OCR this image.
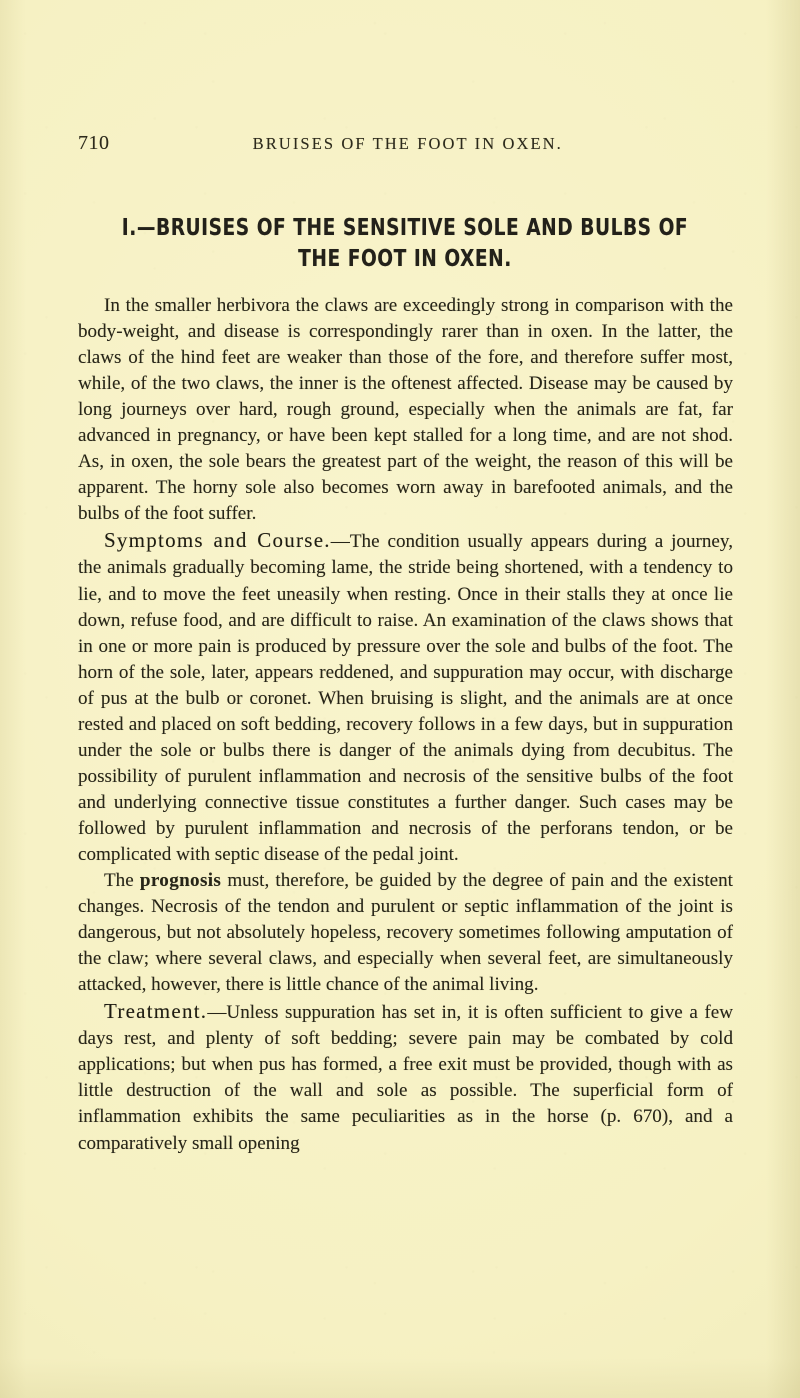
710	BRUISES OF THE FOOT IN OXEN.
I.—BRUISES OF THE SENSITIVE SOLE AND BULBS OF
THE FOOT IN OXEN.

In the smaller herbivora the claws are exceedingly strong in comparison with the body-weight, and disease is correspondingly rarer than in oxen. In the latter, the claws of the hind feet are weaker than those of the fore, and therefore suffer most, while, of the two claws, the inner is the oftenest affected. Disease may be caused by long journeys over hard, rough ground, especially when the animals are fat, far advanced in pregnancy, or have been kept stalled for a long time, and are not shod. As, in oxen, the sole bears the greatest part of the weight, the reason of this will be apparent. The horny sole also becomes worn away in barefooted animals, and the bulbs of the foot suffer.

Symptoms and Course.—The condition usually appears during a journey, the animals gradually becoming lame, the stride being shortened, with a tendency to lie, and to move the feet uneasily when resting. Once in their stalls they at once lie down, refuse food, and are difficult to raise. An examination of the claws shows that in one or more pain is produced by pressure over the sole and bulbs of the foot. The horn of the sole, later, appears reddened, and suppuration may occur, with discharge of pus at the bulb or coronet. When bruising is slight, and the animals are at once rested and placed on soft bedding, recovery follows in a few days, but in suppuration under the sole or bulbs there is danger of the animals dying from decubitus. The possibility of purulent inflammation and necrosis of the sensitive bulbs of the foot and underlying connective tissue constitutes a further danger. Such cases may be followed by purulent inflammation and necrosis of the perforans tendon, or be complicated with septic disease of the pedal joint.

The prognosis must, therefore, be guided by the degree of pain and the existent changes. Necrosis of the tendon and purulent or septic inflammation of the joint is dangerous, but not absolutely hopeless, recovery sometimes following amputation of the claw; where several claws, and especially when several feet, are simultaneously attacked, however, there is little chance of the animal living.

Treatment.—Unless suppuration has set in, it is often sufficient to give a few days rest, and plenty of soft bedding; severe pain may be combated by cold applications; but when pus has formed, a free exit must be provided, though with as little destruction of the wall and sole as possible. The superficial form of inflammation exhibits the same peculiarities as in the horse (p. 670), and a comparatively small opening
